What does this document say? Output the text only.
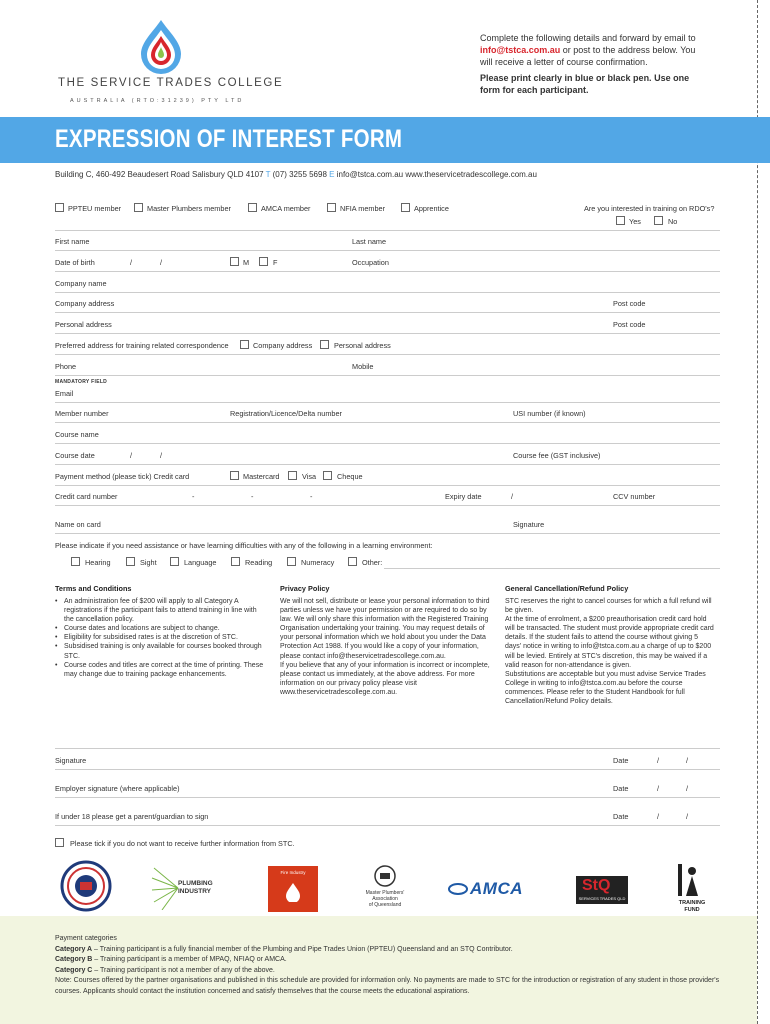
THE SERVICE TRADES COLLEGE
AUSTRALIA (RTO:31239) PTY LTD
Complete the following details and forward by email to
info@tstca.com.au or post to the address below. You will receive a letter of course confirmation.
Please print clearly in blue or black pen. Use one form for each participant.
EXPRESSION OF INTEREST FORM
Building C, 460-492 Beaudesert Road Salisbury QLD 4107 T (07) 3255 5698 E info@tstca.com.au www.theservicetradescollege.com.au
PPTEU member	Master Plumbers member	AMCA member	NFIA member	Apprentice	Are you interested in training on RDO's?
Yes	No
First name	Last name
Date of birth	/	/	M	F	Occupation
Company name
Company address	Post code
Personal address	Post code
Preferred address for training related correspondence	Company address	Personal address
Phone	Mobile
MANDATORY FIELD
Email
Member number	Registration/Licence/Delta number	USI number (if known)
Course name
Course date	/	/	Course fee (GST inclusive)
Payment method (please tick) Credit card	Mastercard	Visa	Cheque
Credit card number	-	-	-	Expiry date	/	CCV number
Name on card	Signature
Please indicate if you need assistance or have learning difficulties with any of the following in a learning environment:
Hearing	Sight	Language	Reading	Numeracy	Other:
Terms and Conditions
• An administration fee of $200 will apply to all Category A registrations if the participant fails to attend training in line with the cancellation policy.
• Course dates and locations are subject to change.
• Eligibility for subsidised rates is at the discretion of STC.
• Subsidised training is only available for courses booked through STC.
• Course codes and titles are correct at the time of printing. These may change due to training package enhancements.
Privacy Policy

We will not sell, distribute or lease your personal information to third parties unless we have your permission or are required to do so by law. We will only share this information with the Registered Training Organisation undertaking your training. You may request details of your personal information which we hold about you under the Data Protection Act 1988. If you would like a copy of your information, please contact info@theservicetradescollege.com.au.

If you believe that any of your information is incorrect or incomplete, please contact us immediately, at the above address. For more information on our privacy policy please visit www.theservicetradescollege.com.au.

General Cancellation/Refund Policy

STC reserves the right to cancel courses for which a full refund will be given.

At the time of enrolment, a $200 preauthorisation credit card hold will be transacted. The student must provide appropriate credit card details. If the student fails to attend the course without giving 5 days' notice in writing to info@tstca.com.au a charge of up to $200 will be levied. Entirely at STC's discretion, this may be waived if a valid reason for non-attendance is given.

Substitutions are acceptable but you must advise Service Trades College in writing to info@tstca.com.au before the course commences. Please refer to the Student Handbook for full Cancellation/Refund Policy details.

Signature	Date	/	/
Employer signature (where applicable)	Date	/	/
If under 18 please get a parent/guardian to sign	Date	/	/
Please tick if you do not want to receive further information from STC.
PLUMBING
INDUSTRY
Fire Industry
Master Plumbers'
Association
of Queensland
AMCA	StQ
SERVICES TRADES QLD
TRAINING
FUND
Payment categories
Category A – Training participant is a fully financial member of the Plumbing and Pipe Trades Union (PPTEU) Queensland and an STQ Contributor.
Category B – Training participant is a member of MPAQ, NFIAQ or AMCA.
Category C – Training participant is not a member of any of the above.
Note: Courses offered by the partner organisations and published in this schedule are provided for information only. No payments are made to STC for the introduction or registration of any student in those provider's courses. Applicants should contact the institution concerned and satisfy themselves that the course meets the educational aspirations.
